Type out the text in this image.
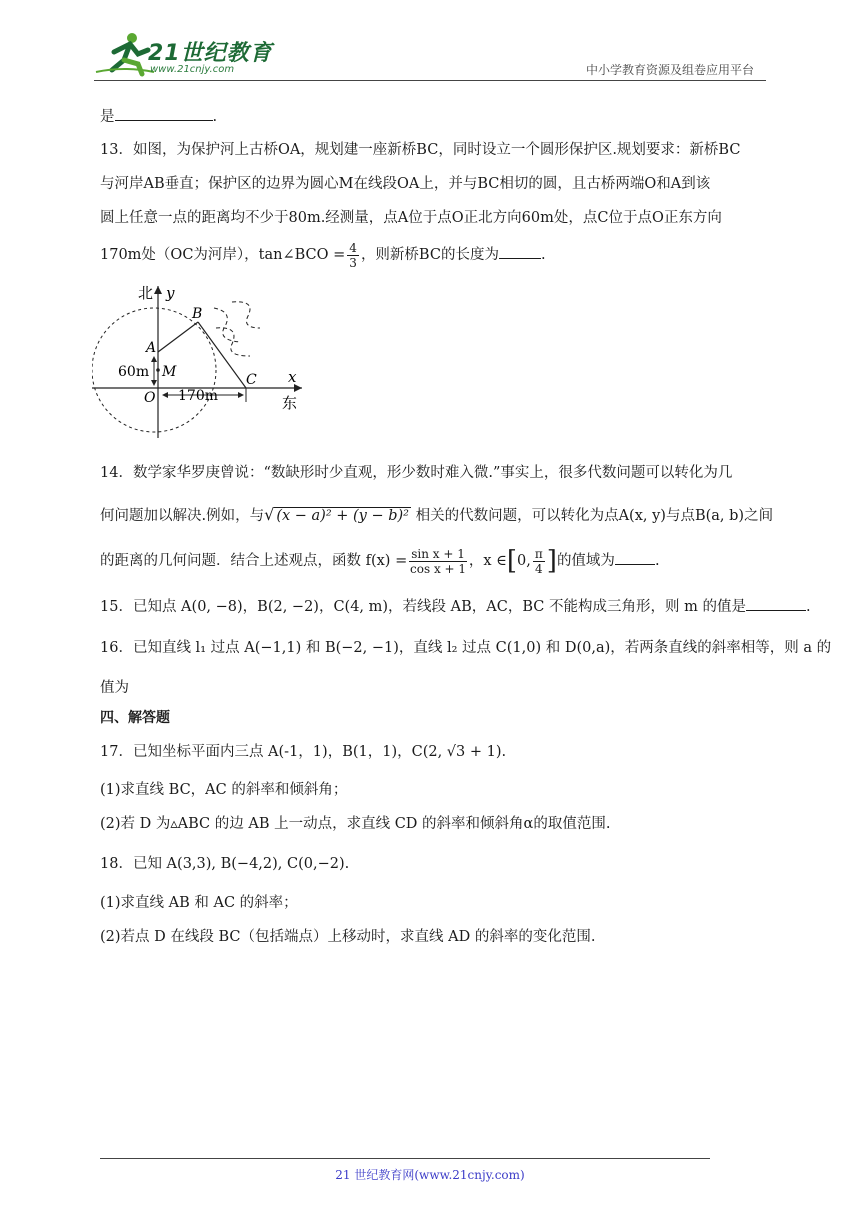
21世纪教育
www.21cnjy.com	中小学教育资源及组卷应用平台
是	.
13．如图，为保护河上古桥OA，规划建一座新桥BC，同时设立一个圆形保护区.规划要求：新桥BC
与河岸AB垂直；保护区的边界为圆心M在线段OA上，并与BC相切的圆，且古桥两端O和A到该
圆上任意一点的距离均不少于80m.经测量，点A位于点O正北方向60m处，点C位于点O正东方向
170m处（OC为河岸），tan∠BCO = $\frac{4}{3}$ ，则新桥BC的长度为	.
北 y
x
东
A
B
C
M
O
60m
170m
14．数学家华罗庚曾说：“数缺形时少直观，形少数时难入微.”事实上，很多代数问题可以转化为几
何问题加以解决.例如，与√ (x − a)² + (y − b)² 相关的代数问题，可以转化为点A(x, y)与点B(a, b)之间
的距离的几何问题．结合上述观点，函数 $f(x) = \frac{\text{sin x + 1}}{\text{cos x + 1}}$ ，x ∈[0, $\frac{\pi}{4}$ ]的值域为	.
15．已知点 A(0, −8)，B(2, −2)，C(4, m)，若线段 AB，AC，BC 不能构成三角形，则 m 的值是	.
16．已知直线 l₁ 过点 A(−1,1) 和 B(−2, −1)，直线 l₂ 过点 C(1,0) 和 D(0,a)，若两条直线的斜率相等，则 a 的
值为
四、解答题
17．已知坐标平面内三点 A(-1，1)，B(1，1)，C(2, √3 + 1).
(1)求直线 BC，AC 的斜率和倾斜角；
(2)若 D 为▵ABC 的边 AB 上一动点，求直线 CD 的斜率和倾斜角α的取值范围.
18．已知 A(3,3), B(−4,2), C(0,−2).
(1)求直线 AB 和 AC 的斜率；
(2)若点 D 在线段 BC（包括端点）上移动时，求直线 AD 的斜率的变化范围.
21 世纪教育网(www.21cnjy.com)
